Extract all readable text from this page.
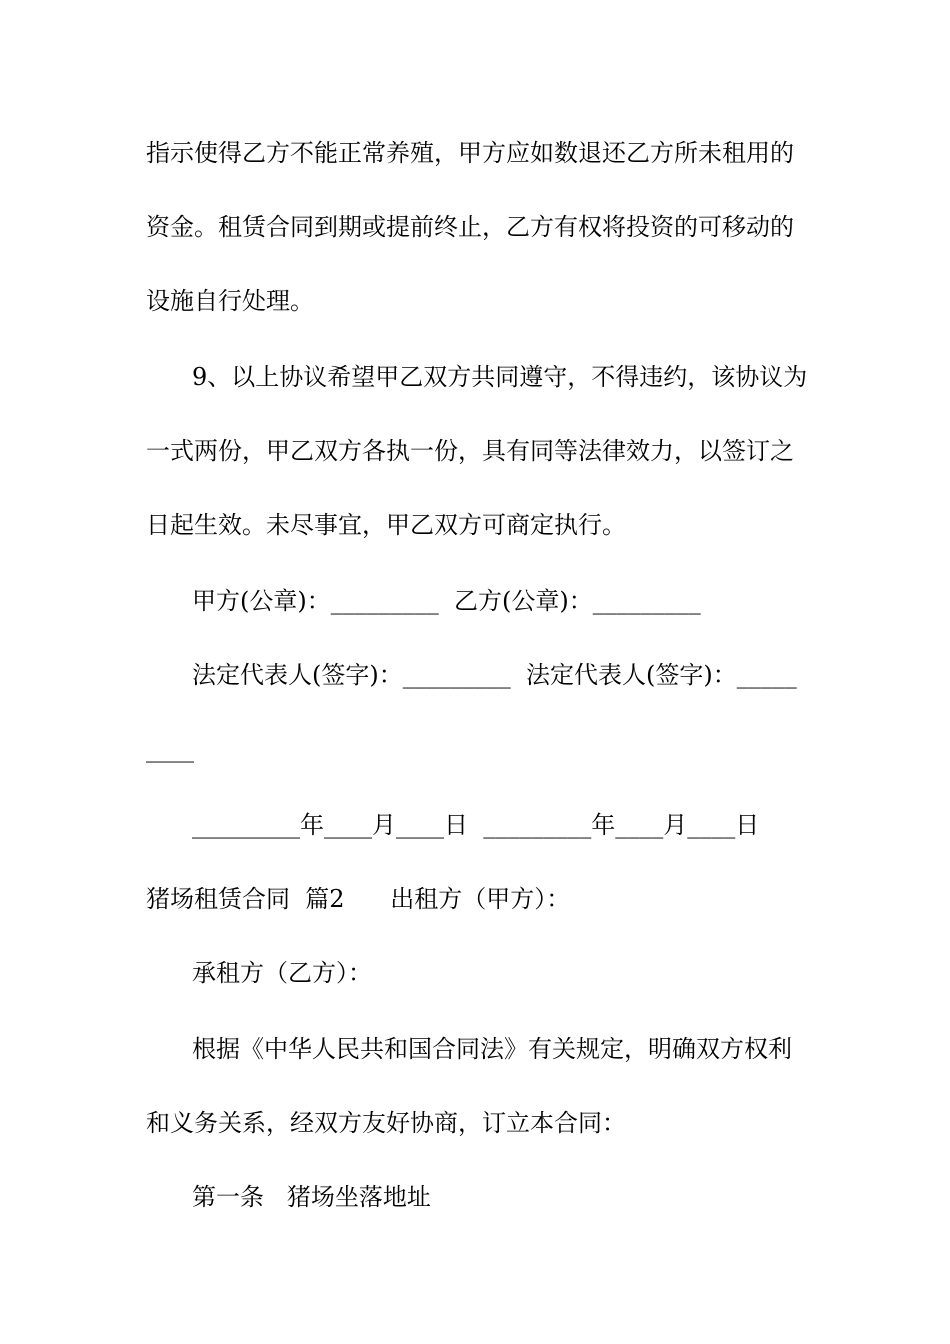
指示使得乙方不能正常养殖，甲方应如数退还乙方所未租用的
资金。租赁合同到期或提前终止，乙方有权将投资的可移动的
设施自行处理。
9、以上协议希望甲乙双方共同遵守，不得违约，该协议为
一式两份，甲乙双方各执一份，具有同等法律效力，以签订之
日起生效。未尽事宜，甲乙双方可商定执行。
甲方(公章)：_________  乙方(公章)：_________
法定代表人(签字)：_________  法定代表人(签字)：_____
____
_________年____月____日  _________年____月____日
猪场租赁合同  篇2      出租方（甲方）：
承租方（乙方）：
根据《中华人民共和国合同法》有关规定，明确双方权利
和义务关系，经双方友好协商，订立本合同：
第一条   猪场坐落地址
